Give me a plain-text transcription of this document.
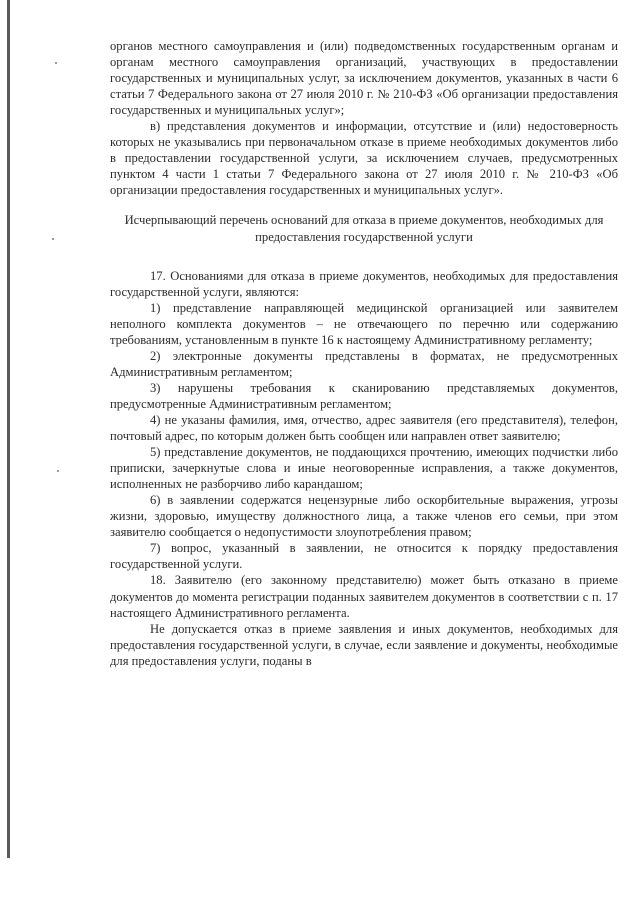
органов местного самоуправления и (или) подведомственных государственным органам и органам местного самоуправления организаций, участвующих в предоставлении государственных и муниципальных услуг, за исключением документов, указанных в части 6 статьи 7 Федерального закона от 27 июля 2010 г. № 210-ФЗ «Об организации предоставления государственных и муниципальных услуг»;

в) представления документов и информации, отсутствие и (или) недостоверность которых не указывались при первоначальном отказе в приеме необходимых документов либо в предоставлении государственной услуги, за исключением случаев, предусмотренных пунктом 4 части 1 статьи 7 Федерального закона от 27 июля 2010 г. № 210-ФЗ «Об организации предоставления государственных и муниципальных услуг».

Исчерпывающий перечень оснований для отказа в приеме документов, необходимых для предоставления государственной услуги

17. Основаниями для отказа в приеме документов, необходимых для предоставления государственной услуги, являются:

1) представление направляющей медицинской организацией или заявителем неполного комплекта документов – не отвечающего по перечню или содержанию требованиям, установленным в пункте 16 к настоящему Административному регламенту;

2) электронные документы представлены в форматах, не предусмотренных Административным регламентом;

3) нарушены требования к сканированию представляемых документов, предусмотренные Административным регламентом;

4) не указаны фамилия, имя, отчество, адрес заявителя (его представителя), телефон, почтовый адрес, по которым должен быть сообщен или направлен ответ заявителю;

5) представление документов, не поддающихся прочтению, имеющих подчистки либо приписки, зачеркнутые слова и иные неоговоренные исправления, а также документов, исполненных не разборчиво либо карандашом;

6) в заявлении содержатся нецензурные либо оскорбительные выражения, угрозы жизни, здоровью, имуществу должностного лица, а также членов его семьи, при этом заявителю сообщается о недопустимости злоупотребления правом;

7) вопрос, указанный в заявлении, не относится к порядку предоставления государственной услуги.

18. Заявителю (его законному представителю) может быть отказано в приеме документов до момента регистрации поданных заявителем документов в соответствии с п. 17 настоящего Административного регламента.

Не допускается отказ в приеме заявления и иных документов, необходимых для предоставления государственной услуги, в случае, если заявление и документы, необходимые для предоставления услуги, поданы в
